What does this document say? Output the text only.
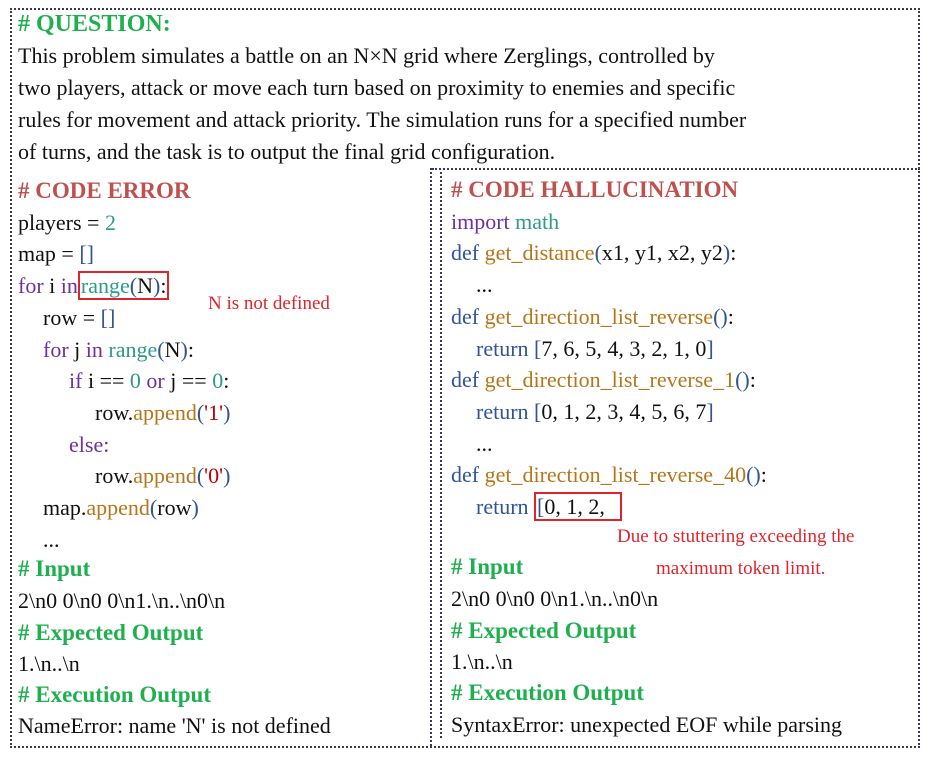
# QUESTION:
This problem simulates a battle on an N×N grid where Zerglings, controlled by
two players, attack or move each turn based on proximity to enemies and specific
rules for movement and attack priority. The simulation runs for a specified number
of turns, and the task is to output the final grid configuration.
# CODE ERROR
players = 2
map = []
for i in range(N):
N is not defined
row = []
for j in range(N):
if i == 0 or j == 0:
row.append('1')
else:
row.append('0')
map.append(row)
...
# Input
2\n0 0\n0 0\n1.\n..\n0\n
# Expected Output
1.\n..\n
# Execution Output
NameError: name 'N' is not defined
# CODE HALLUCINATION
import math
def get_distance(x1, y1, x2, y2):
...
def get_direction_list_reverse():
return [7, 6, 5, 4, 3, 2, 1, 0]
def get_direction_list_reverse_1():
return [0, 1, 2, 3, 4, 5, 6, 7]
...
def get_direction_list_reverse_40():
return [0, 1, 2,
Due to stuttering exceeding the
maximum token limit.
# Input
2\n0 0\n0 0\n1.\n..\n0\n
# Expected Output
1.\n..\n
# Execution Output
SyntaxError: unexpected EOF while parsing
